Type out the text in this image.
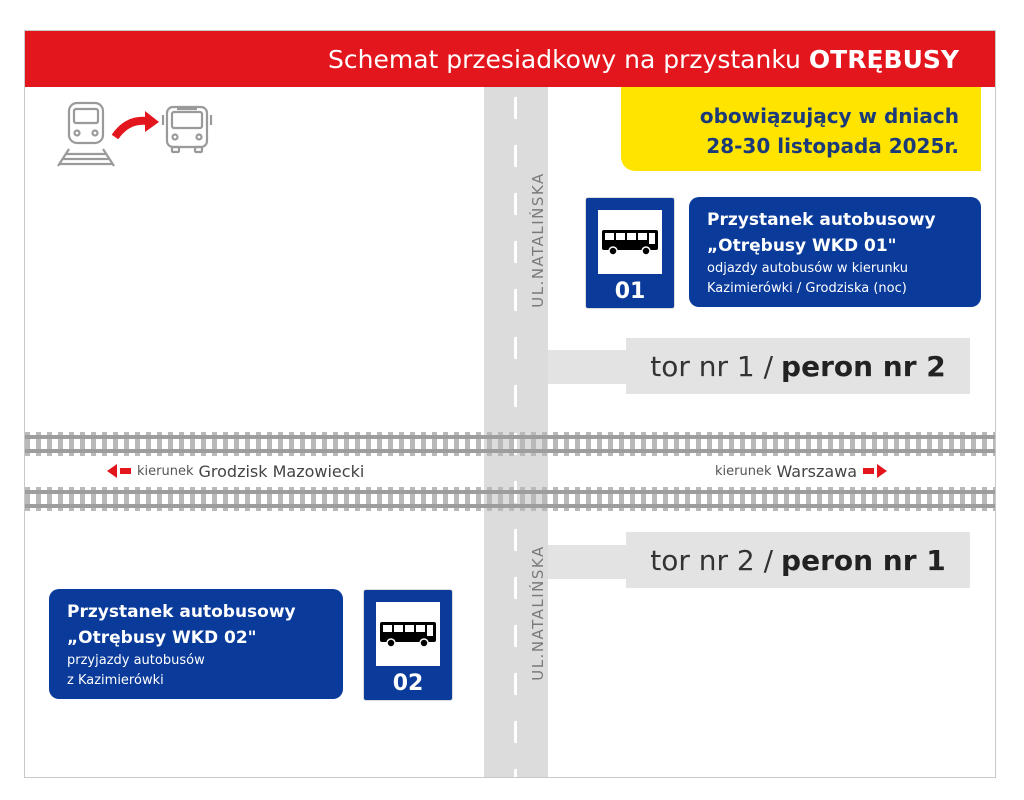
Schemat przesiadkowy na przystanku OTRĘBUSY
obowiązujący w dniach
28-30 listopada 2025r.
UL.NATALIŃSKA
UL.NATALIŃSKA
tor nr 1 / peron nr 2
kierunek Grodzisk Mazowiecki	kierunek Warszawa
tor nr 2 / peron nr 1
01
Przystanek autobusowy
„Otrębusy WKD 01"
odjazdy autobusów w kierunku
Kazimierówki / Grodziska (noc)
Przystanek autobusowy
„Otrębusy WKD 02"
przyjazdy autobusów
z Kazimierówki	02
